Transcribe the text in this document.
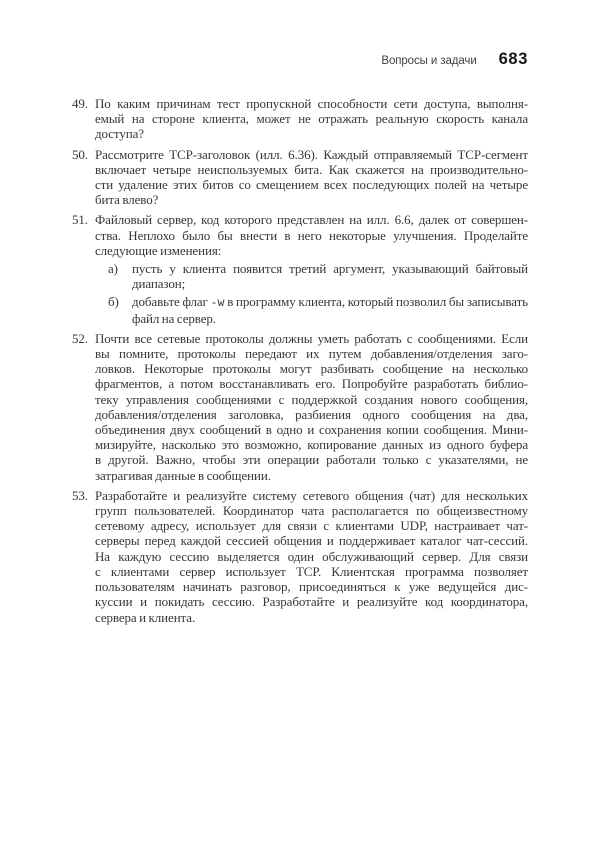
Вопросы и задачи 683
49. По каким причинам тест пропускной способности сети доступа, выполня-
емый на стороне клиента, может не отражать реальную скорость канала
доступа?
50. Рассмотрите TCP-заголовок (илл. 6.36). Каждый отправляемый TCP-сегмент
включает четыре неиспользуемых бита. Как скажется на производительно-
сти удаление этих битов со смещением всех последующих полей на четыре
бита влево?
51. Файловый сервер, код которого представлен на илл. 6.6, далек от совершен-
ства. Неплохо было бы внести в него некоторые улучшения. Проделайте
следующие изменения:
а)	пусть у клиента появится третий аргумент, указывающий байтовый
диапазон;
б)	добавьте флаг -w в программу клиента, который позволил бы записывать
файл на сервер.
52. Почти все сетевые протоколы должны уметь работать с сообщениями. Если
вы помните, протоколы передают их путем добавления/отделения заго-
ловков. Некоторые протоколы могут разбивать сообщение на несколько
фрагментов, а потом восстанавливать его. Попробуйте разработать библио-
теку управления сообщениями с поддержкой создания нового сообщения,
добавления/отделения заголовка, разбиения одного сообщения на два,
объединения двух сообщений в одно и сохранения копии сообщения. Мини-
мизируйте, насколько это возможно, копирование данных из одного буфера
в другой. Важно, чтобы эти операции работали только с указателями, не
затрагивая данные в сообщении.
53. Разработайте и реализуйте систему сетевого общения (чат) для нескольких
групп пользователей. Координатор чата располагается по общеизвестному
сетевому адресу, использует для связи с клиентами UDP, настраивает чат-
серверы перед каждой сессией общения и поддерживает каталог чат-сессий.
На каждую сессию выделяется один обслуживающий сервер. Для связи
с клиентами сервер использует TCP. Клиентская программа позволяет
пользователям начинать разговор, присоединяться к уже ведущейся дис-
куссии и покидать сессию. Разработайте и реализуйте код координатора,
сервера и клиента.
